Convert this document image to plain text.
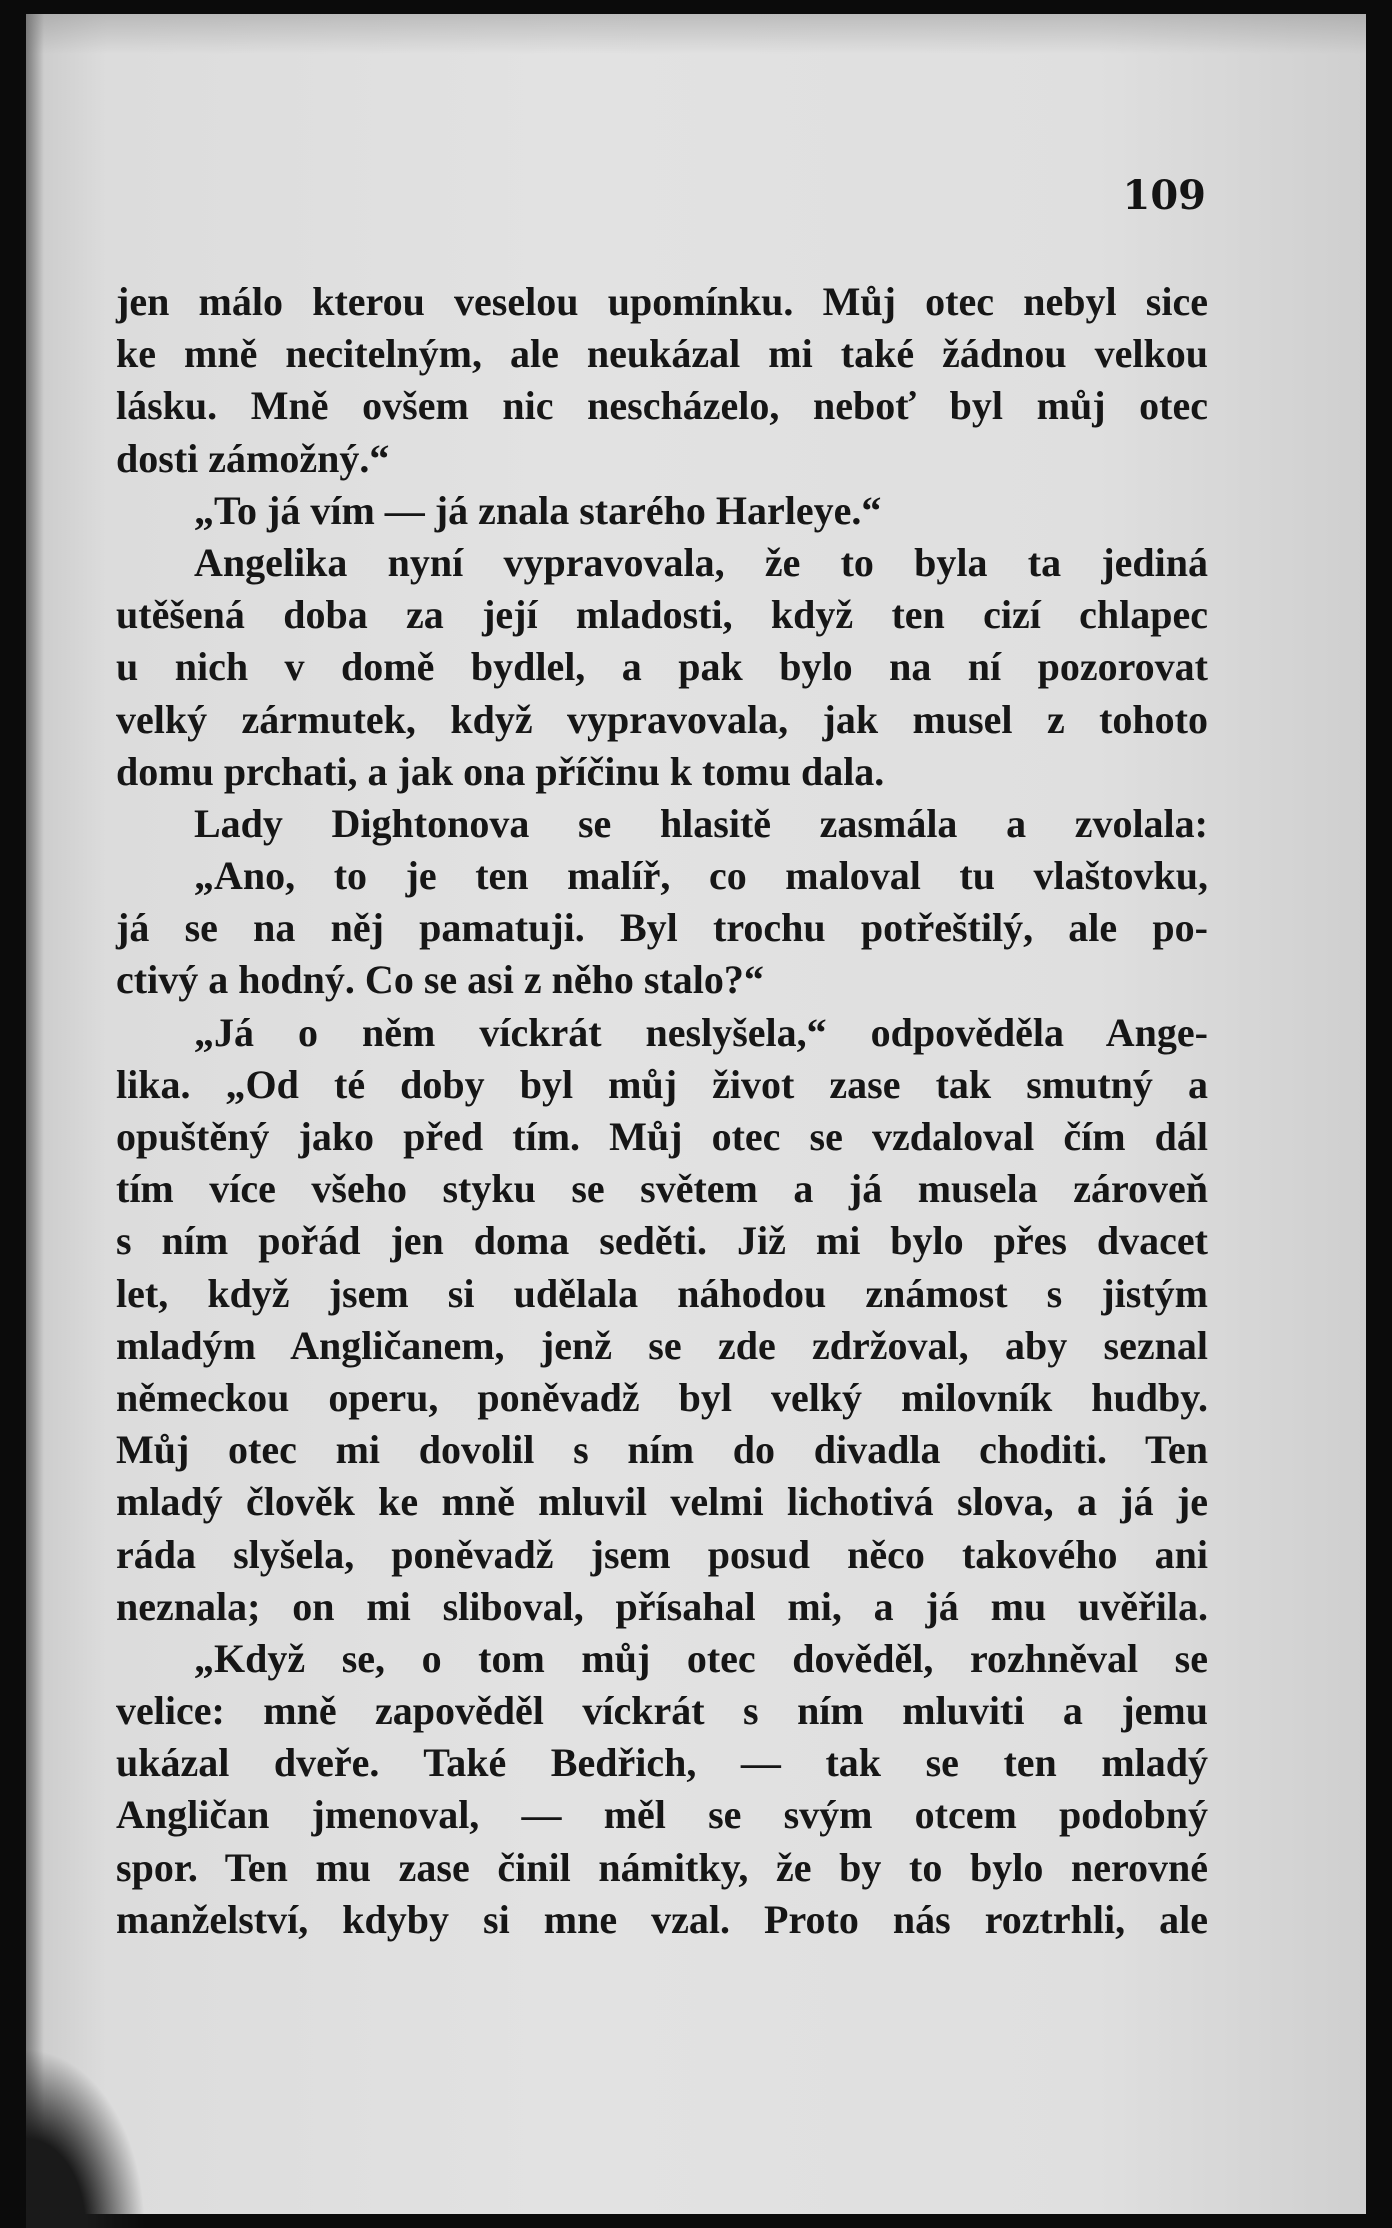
109
jen málo kterou veselou upomínku. Můj otec nebyl sice
ke mně necitelným, ale neukázal mi také žádnou velkou
lásku. Mně ovšem nic nescházelo, neboť byl můj otec
dosti zámožný.“
„To já vím — já znala starého Harleye.“
Angelika nyní vypravovala, že to byla ta jediná
utěšená doba za její mladosti, když ten cizí chlapec
u nich v domě bydlel, a pak bylo na ní pozorovat
velký zármutek, když vypravovala, jak musel z tohoto
domu prchati, a jak ona příčinu k tomu dala.
Lady Dightonova se hlasitě zasmála a zvolala:
„Ano, to je ten malíř, co maloval tu vlaštovku,
já se na něj pamatuji. Byl trochu potřeštilý, ale po-
ctivý a hodný. Co se asi z něho stalo?“
„Já o něm víckrát neslyšela,“ odpověděla Ange-
lika. „Od té doby byl můj život zase tak smutný a
opuštěný jako před tím. Můj otec se vzdaloval čím dál
tím více všeho styku se světem a já musela zároveň
s ním pořád jen doma seděti. Již mi bylo přes dvacet
let, když jsem si udělala náhodou známost s jistým
mladým Angličanem, jenž se zde zdržoval, aby seznal
německou operu, poněvadž byl velký milovník hudby.
Můj otec mi dovolil s ním do divadla choditi. Ten
mladý člověk ke mně mluvil velmi lichotivá slova, a já je
ráda slyšela, poněvadž jsem posud něco takového ani
neznala; on mi sliboval, přísahal mi, a já mu uvěřila.
„Když se, o tom můj otec dověděl, rozhněval se
velice: mně zapověděl víckrát s ním mluviti a jemu
ukázal dveře. Také Bedřich, — tak se ten mladý
Angličan jmenoval, — měl se svým otcem podobný
spor. Ten mu zase činil námitky, že by to bylo nerovné
manželství, kdyby si mne vzal. Proto nás roztrhli, ale
